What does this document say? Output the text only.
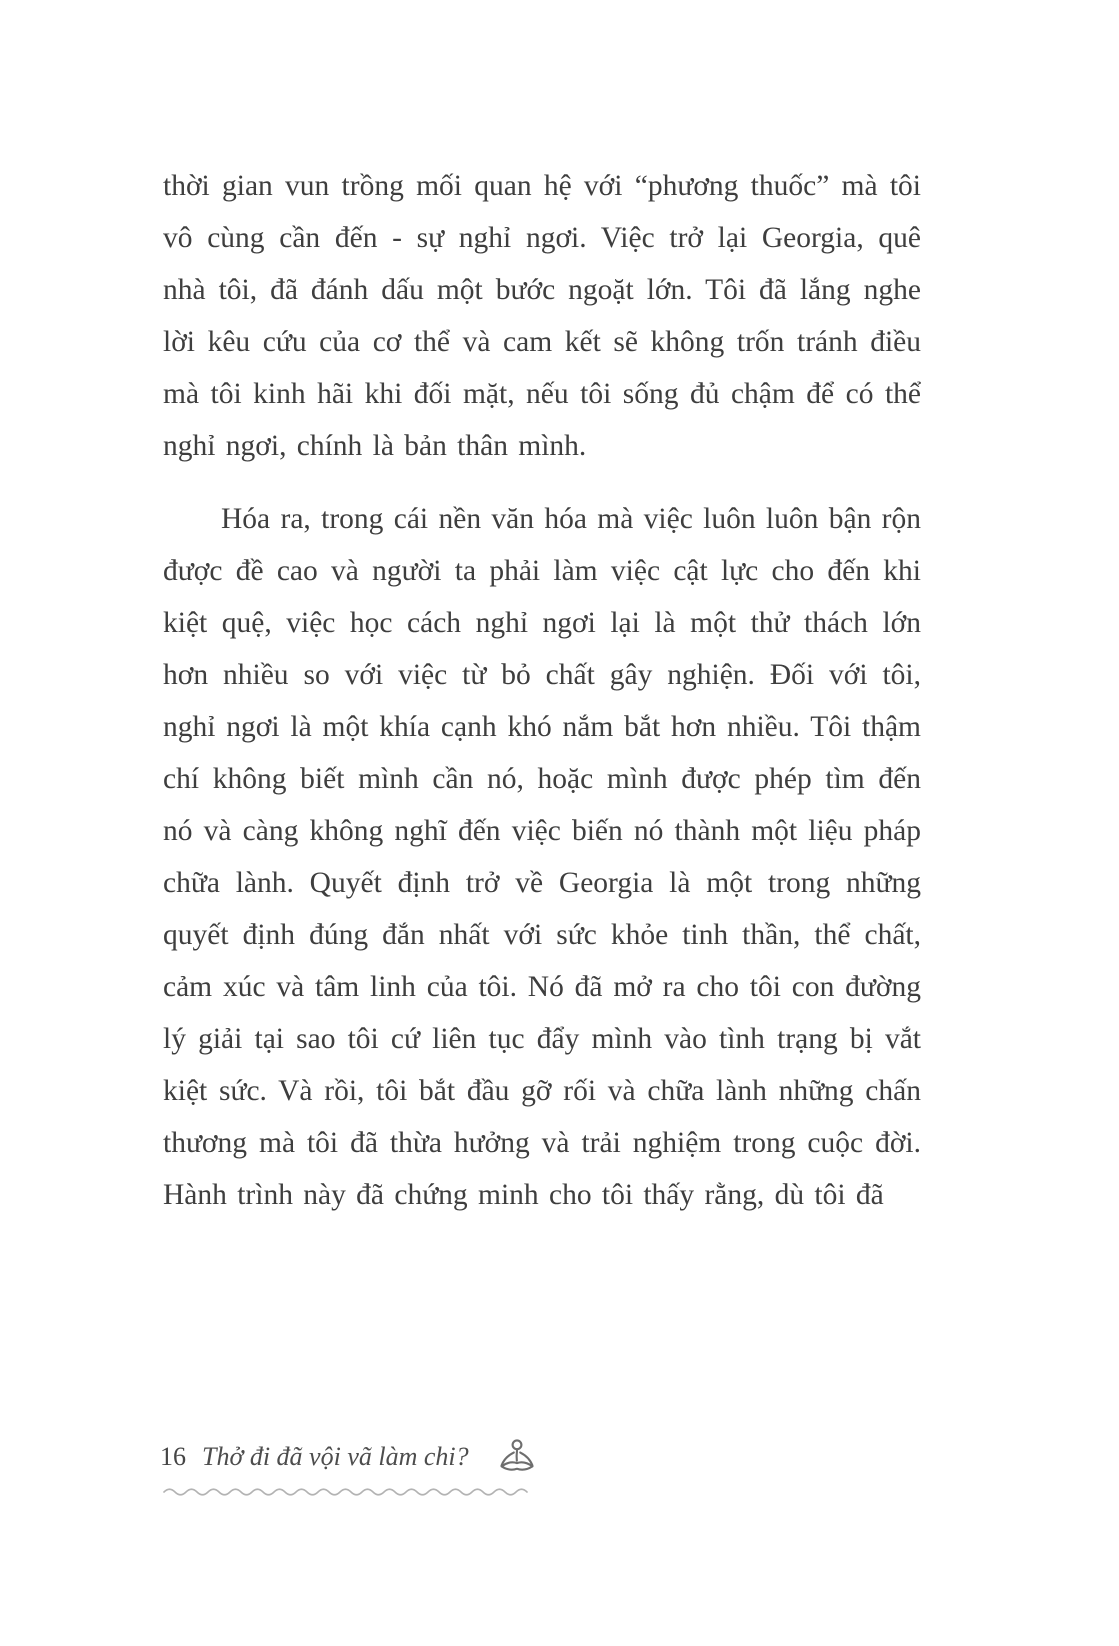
thời gian vun trồng mối quan hệ với “phương thuốc” mà tôi vô cùng cần đến - sự nghỉ ngơi. Việc trở lại Georgia, quê nhà tôi, đã đánh dấu một bước ngoặt lớn. Tôi đã lắng nghe lời kêu cứu của cơ thể và cam kết sẽ không trốn tránh điều mà tôi kinh hãi khi đối mặt, nếu tôi sống đủ chậm để có thể nghỉ ngơi, chính là bản thân mình.

Hóa ra, trong cái nền văn hóa mà việc luôn luôn bận rộn được đề cao và người ta phải làm việc cật lực cho đến khi kiệt quệ, việc học cách nghỉ ngơi lại là một thử thách lớn hơn nhiều so với việc từ bỏ chất gây nghiện. Đối với tôi, nghỉ ngơi là một khía cạnh khó nắm bắt hơn nhiều. Tôi thậm chí không biết mình cần nó, hoặc mình được phép tìm đến nó và càng không nghĩ đến việc biến nó thành một liệu pháp chữa lành. Quyết định trở về Georgia là một trong những quyết định đúng đắn nhất với sức khỏe tinh thần, thể chất, cảm xúc và tâm linh của tôi. Nó đã mở ra cho tôi con đường lý giải tại sao tôi cứ liên tục đẩy mình vào tình trạng bị vắt kiệt sức. Và rồi, tôi bắt đầu gỡ rối và chữa lành những chấn thương mà tôi đã thừa hưởng và trải nghiệm trong cuộc đời. Hành trình này đã chứng minh cho tôi thấy rằng, dù tôi đã

16 Thở đi đã vội vã làm chi?
